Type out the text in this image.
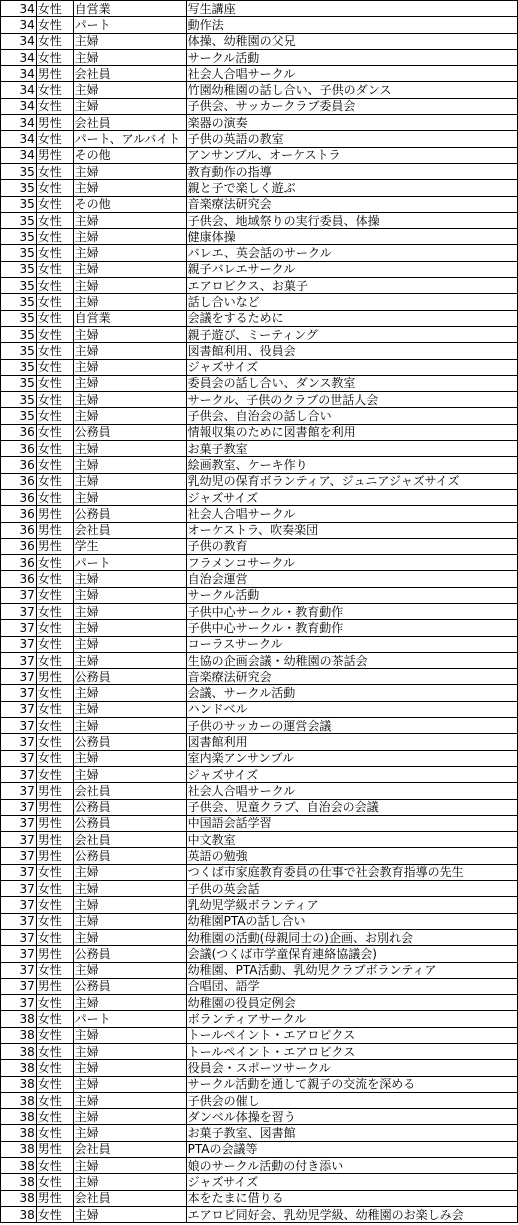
34	女性	自営業	写生講座
34	女性	パート	動作法
34	女性	主婦	体操、幼稚園の父兄
34	女性	主婦	サークル活動
34	男性	会社員	社会人合唱サークル
34	女性	主婦	竹園幼稚園の話し合い、子供のダンス
34	女性	主婦	子供会、サッカークラブ委員会
34	男性	会社員	楽器の演奏
34	女性	パート、アルバイト	子供の英語の教室
34	男性	その他	アンサンブル、オーケストラ
35	女性	主婦	教育動作の指導
35	女性	主婦	親と子で楽しく遊ぶ
35	女性	その他	音楽療法研究会
35	女性	主婦	子供会、地域祭りの実行委員、体操
35	女性	主婦	健康体操
35	女性	主婦	バレエ、英会話のサークル
35	女性	主婦	親子バレエサークル
35	女性	主婦	エアロビクス、お菓子
35	女性	主婦	話し合いなど
35	女性	自営業	会議をするために
35	女性	主婦	親子遊び、ミーティング
35	女性	主婦	図書館利用、役員会
35	女性	主婦	ジャズサイズ
35	女性	主婦	委員会の話し合い、ダンス教室
35	女性	主婦	サークル、子供のクラブの世話人会
35	女性	主婦	子供会、自治会の話し合い
36	女性	公務員	情報収集のために図書館を利用
36	女性	主婦	お菓子教室
36	女性	主婦	絵画教室、ケーキ作り
36	女性	主婦	乳幼児の保育ボランティア、ジュニアジャズサイズ
36	女性	主婦	ジャズサイズ
36	男性	公務員	社会人合唱サークル
36	男性	会社員	オーケストラ、吹奏楽団
36	男性	学生	子供の教育
36	女性	パート	フラメンコサークル
36	女性	主婦	自治会運営
37	女性	主婦	サークル活動
37	女性	主婦	子供中心サークル・教育動作
37	女性	主婦	子供中心サークル・教育動作
37	女性	主婦	コーラスサークル
37	女性	主婦	生協の企画会議・幼稚園の茶話会
37	男性	公務員	音楽療法研究会
37	女性	主婦	会議、サークル活動
37	女性	主婦	ハンドベル
37	女性	主婦	子供のサッカーの運営会議
37	女性	公務員	図書館利用
37	女性	主婦	室内楽アンサンブル
37	女性	主婦	ジャズサイズ
37	男性	会社員	社会人合唱サークル
37	男性	公務員	子供会、児童クラブ、自治会の会議
37	男性	公務員	中国語会話学習
37	男性	会社員	中文教室
37	男性	公務員	英語の勉強
37	女性	主婦	つくば市家庭教育委員の仕事で社会教育指導の先生
37	女性	主婦	子供の英会話
37	女性	主婦	乳幼児学級ボランティア
37	女性	主婦	幼稚園PTAの話し合い
37	女性	主婦	幼稚園の活動(母親同士の)企画、お別れ会
37	男性	公務員	会議(つくば市学童保育連絡協議会)
37	女性	主婦	幼稚園、PTA活動、乳幼児クラブボランティア
37	男性	公務員	合唱団、語学
37	女性	主婦	幼稚園の役員定例会
38	女性	パート	ボランティアサークル
38	女性	主婦	トールペイント・エアロビクス
38	女性	主婦	トールペイント・エアロビクス
38	女性	主婦	役員会・スポーツサークル
38	女性	主婦	サークル活動を通して親子の交流を深める
38	女性	主婦	子供会の催し
38	女性	主婦	ダンベル体操を習う
38	女性	主婦	お菓子教室、図書館
38	男性	会社員	PTAの会議等
38	女性	主婦	娘のサークル活動の付き添い
38	女性	主婦	ジャズサイズ
38	男性	会社員	本をたまに借りる
38	女性	主婦	エアロビ同好会、乳幼児学級、幼稚園のお楽しみ会
